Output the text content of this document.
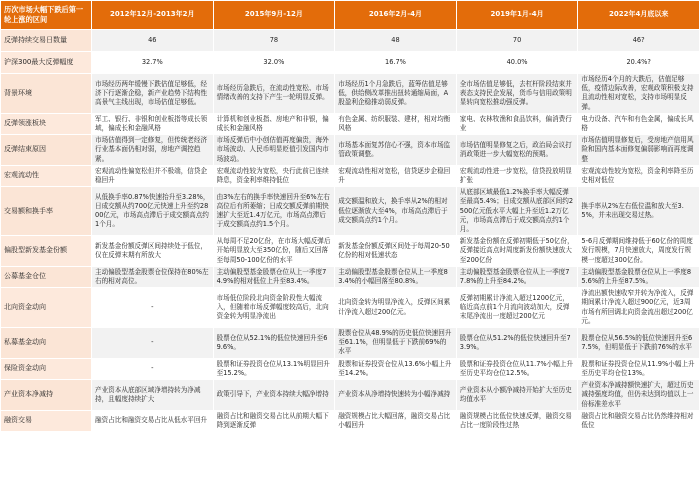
历次市场大幅下跌后第一轮上涨的区间	2012年12月-2013年2月	2015年9月-12月	2016年2月-4月	2019年1月-4月	2022年4月底以来
反弹持续交易日数量	46	78	48	70	46?
沪深300最大反弹幅度	32.7%	32.0%	16.7%	40.0%	20.4%?
背景环境	市场经历两年缓慢下跌估值足够低，经济下行逐渐企稳，新产业趋势下结构性高景气主线出现，市场估值足够低。	市场经历急跌后，在流动性宽松、市场情绪改善的支持下产生一轮明显反弹。	市场经历1个月急跌后，蓝筹估值足够低，供给侧改革推出扭转通缩局面，A股盈利企稳推动弱反弹。	全市场估值足够低，去杠杆阶段结束并表态支持民企发展，货币与信用政策明显转向宽松推动强反弹。	市场经历4个月的大跌后，估值足够低，疫情边际改善，宏观政策积极支持且流动性相对宽松，支持市场明显反弹。
反弹领涨板块	军工、银行、非银和创业板指等成长领域，偏成长和金融风格	计算机和创业板指、房地产和非银，偏成长和金融风格	有色金属、纺织服装、建材，相对均衡风格	家电、农林牧渔和食品饮料，偏消费行业	电力设备、汽车和有色金属，偏成长风格
反弹结束原因	市场估值得到一定修复，但传统老经济行业基本面仍相对弱，房地产调控趋紧。	市场反弹后中小创估值再度偏贵，海外市场波动、人民币明显贬值引发国内市场波动。	市场基本面复苏信心不强，资本市场监管政策调整。	市场估值明显修复之后，政治局会议打消政策进一步大幅宽松的预期。	市场估值明显修复后，受房地产信用风险和国内基本面修复偏弱影响而再度调整
宏观流动性	宏观流动性偏宽松但并不极端，信贷企稳回升	宏观流动性较为宽松，央行此前已连续降息，资金利率维持低位	宏观流动性相对宽松，信贷逐步企稳回升	宏观流动性进一步宽松，信贷投放明显扩张	宏观流动性较为宽松，资金利率降至历史相对低位
交易额和换手率	从低换手率0.87%快速抬升至3.28%，日成交额从约700亿元快速上升至约2800亿元，市场高点滞后于成交额高点约1个月。	由3%左右的换手率快速回升至6%左右高位后有所萎缩；日成交额反弹前期快速扩大至近1.4万亿元，市场高点滞后于成交额高点约1.5个月。	成交额温和放大，换手率从2%的相对低位逐渐放大至4%，市场高点滞后于成交额高点约1个月。	从底部区域最低1.2%换手率大幅反弹至最高5.4%；日成交额从底部区间约2500亿元低水平大幅上升至近1.2万亿元，市场高点滞后于成交额高点约1个月。	换手率从2%左右低位温和放大至3.5%，并未出现交易过热。
偏股型新发基金份额	新发基金份额反弹区间持续处于低位，仅在反弹末期有所放大	从每周不足20亿份，在市场大幅反弹后开始明显放大至350亿份，随后又回落至每周50-100亿份的水平	新发基金份额反弹区间处于每周20-50亿份的相对低速状态	新发基金份额在反弹初期低于50亿份，反弹接近高点时周度新发份额快速放大至200亿份	5-6月反弹期间维持低于60亿份的周度发行规模，7月快速放大，周度发行规模一度超过300亿份。
公募基金仓位	主动偏股型基金股票仓位保持在80%左右的相对高位。	主动偏股型基金股票仓位从上一季度74.9%的相对低位上升至83.4%。	主动偏股型基金股票仓位从上一季度83.4%的小幅回落至80.8%。	主动偏股型基金股票仓位从上一季度77.8%的上升至84.2%。	主动偏股型基金股票仓位从上一季度85.6%的上升至87.5%。
北向资金动向	-	市场低位阶段北向资金阶段性大幅流入，但随着市场反弹幅度较高后，北向资金转为明显净流出	北向资金转为明显净流入，反弹区间累计净流入超过200亿元。	反弹初期累计净流入超过1200亿元，临近高点前1个月流向波动加大，反弹末尾净流出一度超过200亿元	净流出额快速收窄并转为净流入，反弹期间累计净流入超过900亿元，近3周市场有所回调北向资金流出超过200亿元。
私募基金动向	-	股票仓位从52.1%的低位快速回升至69.6%。	股票仓位从48.9%的历史低位快速回升至61.1%，但明显低于下跌前69%的水平	股票仓位从51.2%的低位快速回升至73.9%。	股票仓位从56.5%的低位快速回升至67.5%，但明显低于下跌前76%的水平
保险资金动向	-	股票和证券投资仓位从13.1%明显回升至15.2%。	股票和证券投资仓位从13.6%小幅上升至14.2%。	股票和证券投资仓位从11.7%小幅上升至历史平均仓位12.5%。	股票和证券投资仓位从11.9%小幅上升至历史平均仓位13%。
产业资本净减持	产业资本从底部区域净增持转为净减持，且幅度持续扩大	政策引导下，产业资本持续大幅净增持	产业资本从净增持快速转为小幅净减持	产业资本从小额净减持开始扩大至历史均值水平	产业资本净减持额快速扩大，超过历史减持强度均值，但仍未达到均值以上一倍标准差水平
融资交易	融资占比和融资交易占比从低水平回升	融资占比和融资交易占比从前期大幅下降到逐渐反弹	融资规模占比大幅回落，融资交易占比小幅回升	融资规模占比低位快速反弹，融资交易占比一度阶段性过热	融资占比和融资交易占比仍然维持相对低位
